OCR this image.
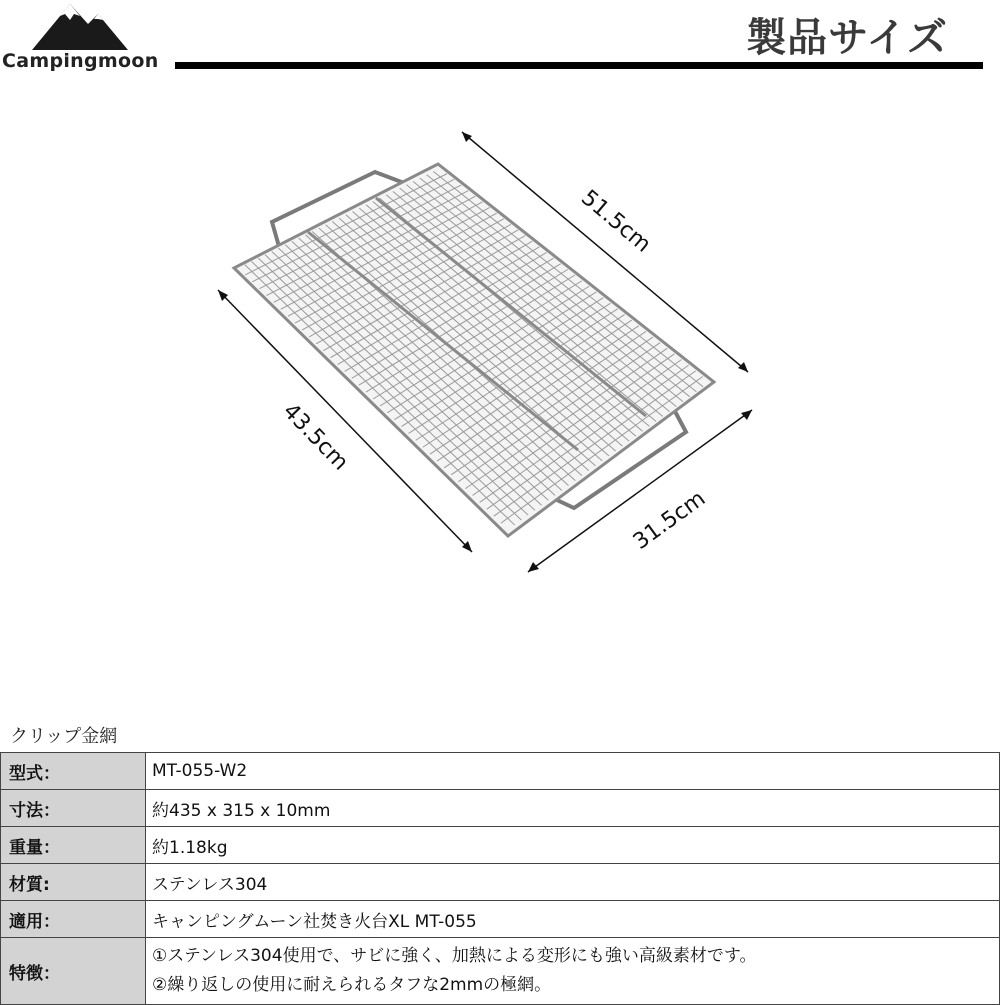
Campingmoon	製品サイズ
51.5cm
43.5cm
31.5cm
クリップ金網
型式：	MT-055-W2
寸法：	約435 x 315 x 10mm
重量：	約1.18kg
材質:	ステンレス304
適用：	キャンピングムーン社焚き火台XL MT-055
特徴：	①ステンレス304使用で、サビに強く、加熱による変形にも強い高級素材です。
②繰り返しの使用に耐えられるタフな2mmの極網。
